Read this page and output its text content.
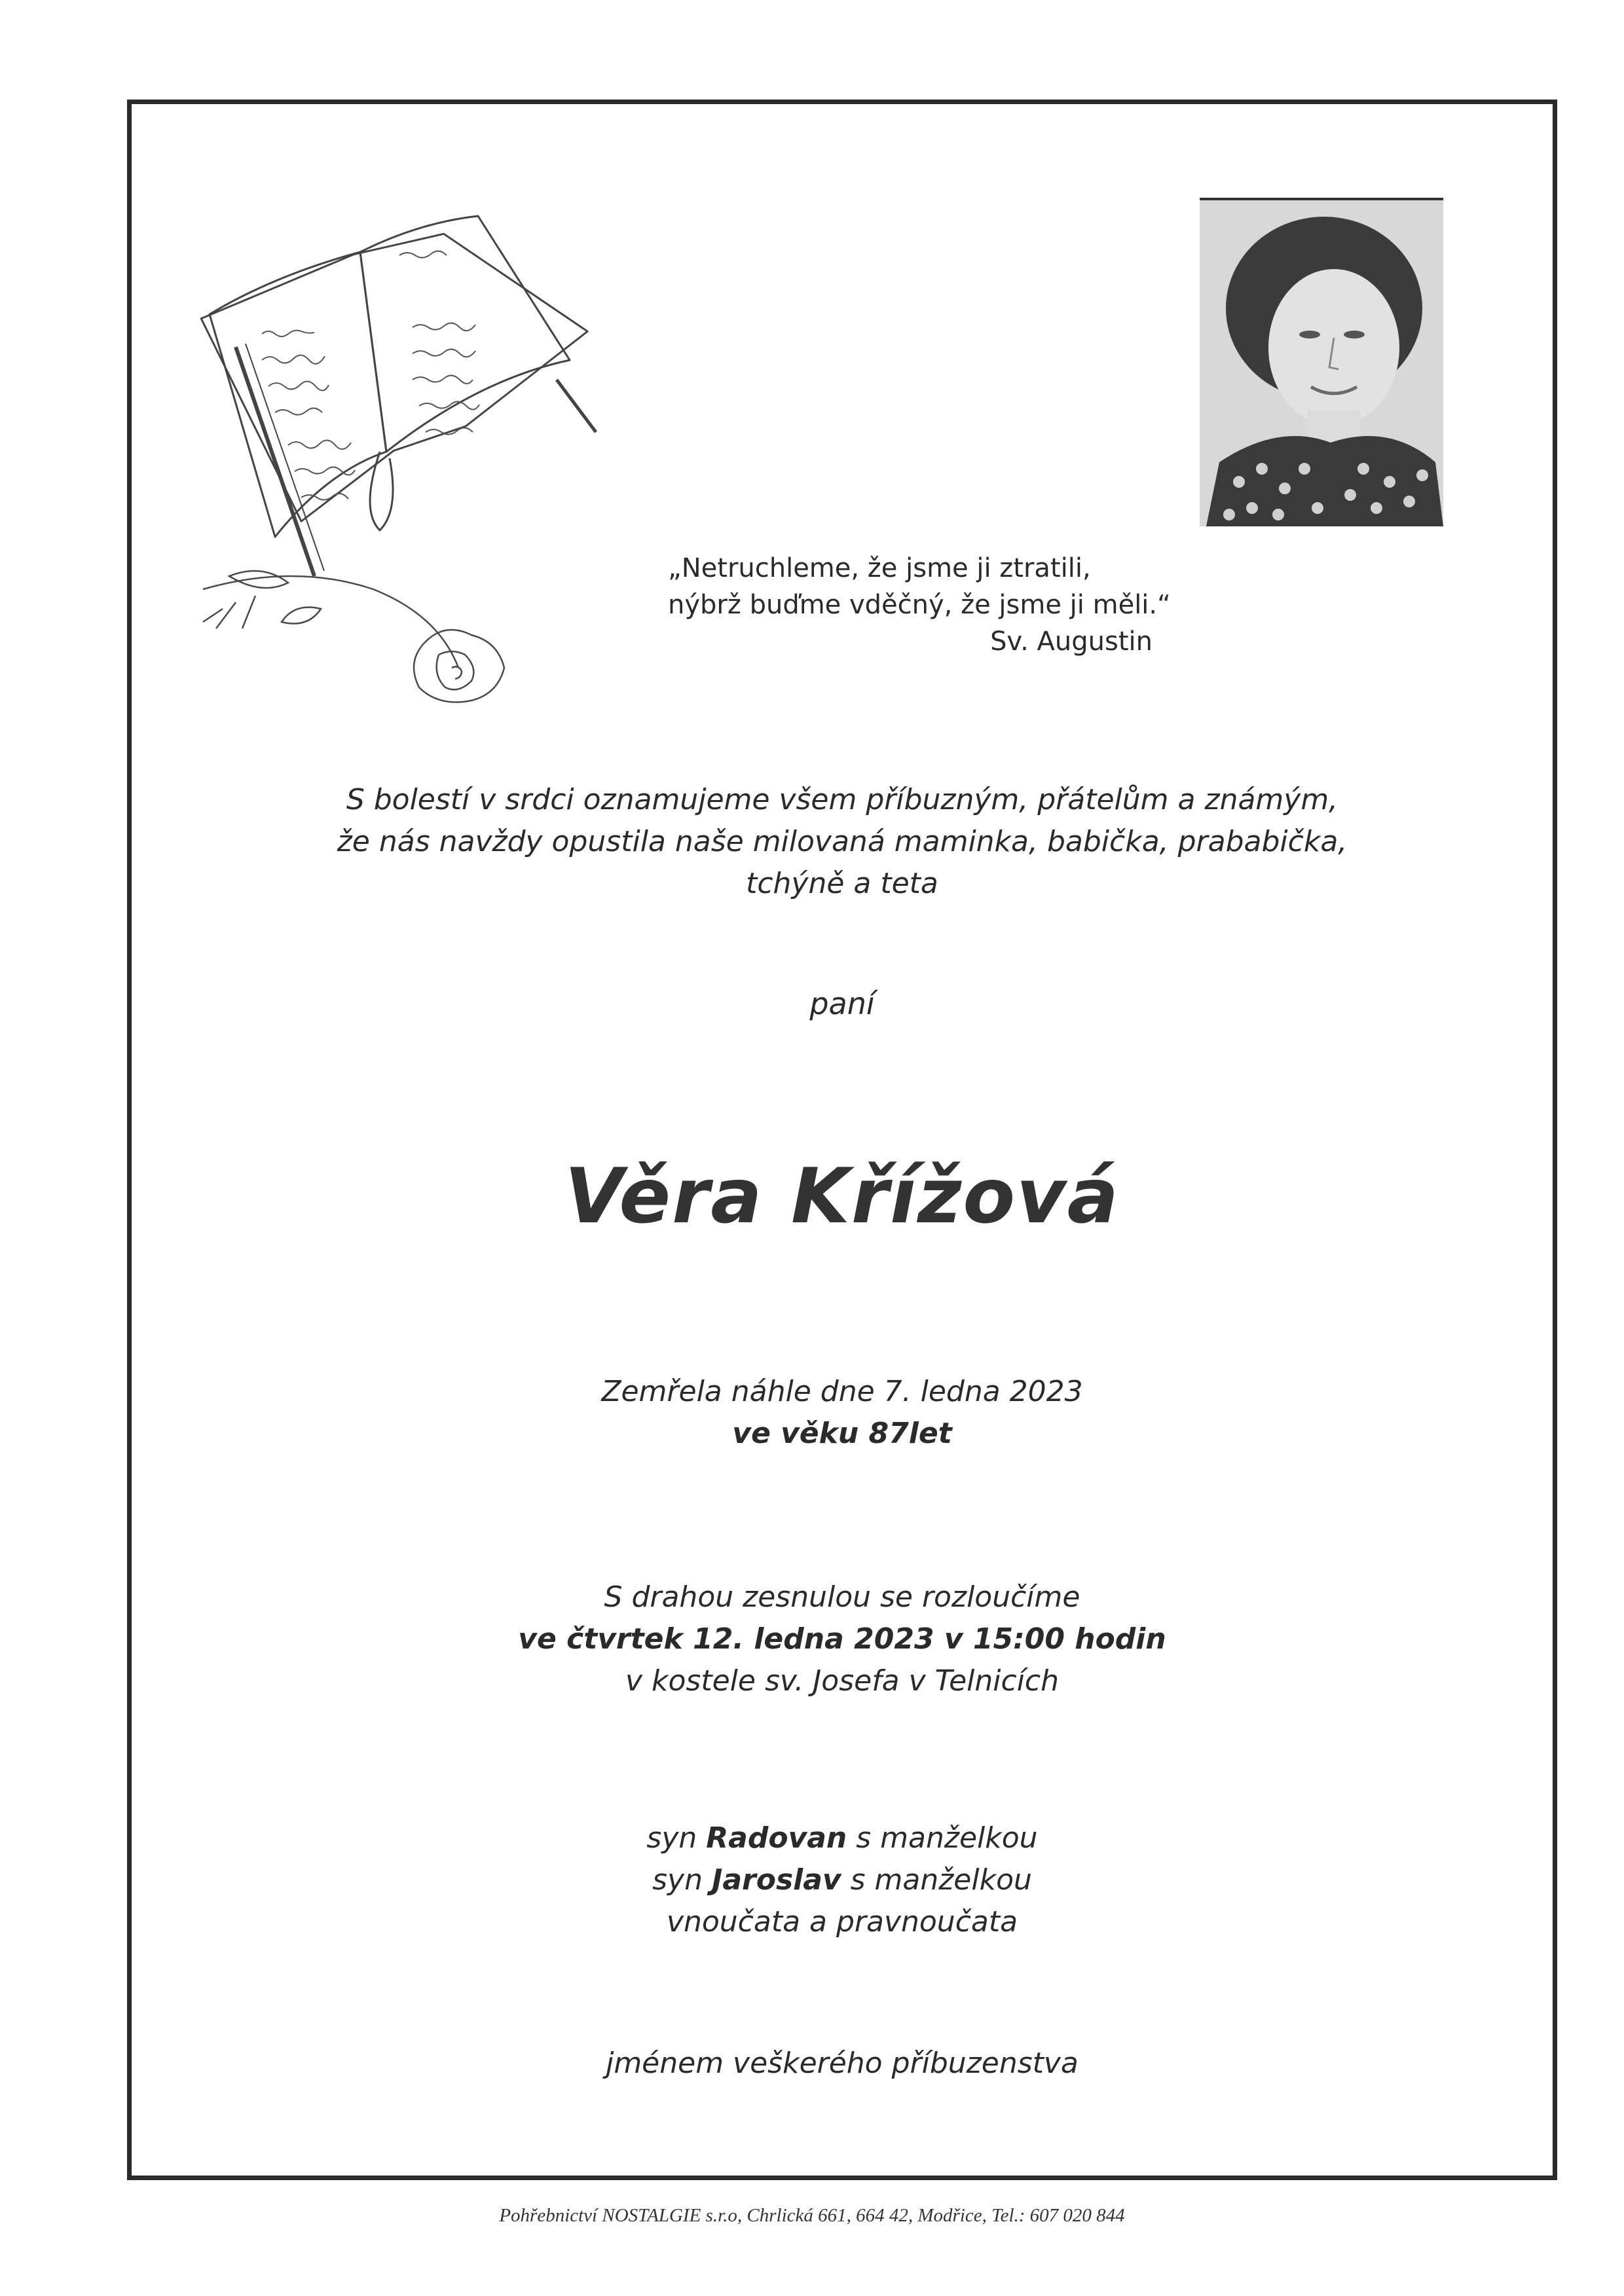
„Netruchleme, že jsme ji ztratili,
nýbrž buďme vděčný, že jsme ji měli.“
Sv. Augustin
S bolestí v srdci oznamujeme všem příbuzným, přátelům a známým,
že nás navždy opustila naše milovaná maminka, babička, prababička,
tchýně a teta
paní
Věra Křížová
Zemřela náhle dne 7. ledna 2023
ve věku 87let
S drahou zesnulou se rozloučíme
ve čtvrtek 12. ledna 2023 v 15:00 hodin
v kostele sv. Josefa v Telnicích
syn Radovan s manželkou
syn Jaroslav s manželkou
vnoučata a pravnoučata
jménem veškerého příbuzenstva
Pohřebnictví NOSTALGIE s.r.o, Chrlická 661, 664 42, Modřice, Tel.: 607 020 844
